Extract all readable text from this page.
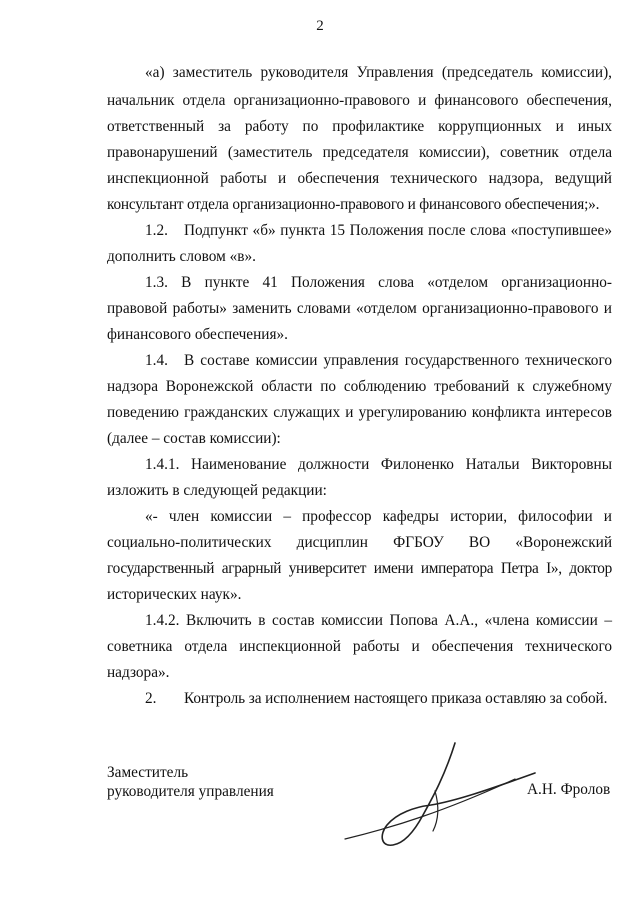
2
«а) заместитель руководителя Управления (председатель комиссии),
начальник отдела организационно-правового и финансового обеспечения,
ответственный за работу по профилактике коррупционных и иных
правонарушений (заместитель председателя комиссии), советник отдела
инспекционной работы и обеспечения технического надзора, ведущий
консультант отдела организационно-правового и финансового обеспечения;».
1.2. Подпункт «б» пункта 15 Положения после слова «поступившее»
дополнить словом «в».
1.3. В пункте 41 Положения слова «отделом организационно-
правовой работы» заменить словами «отделом организационно-правового и
финансового обеспечения».
1.4. В составе комиссии управления государственного технического
надзора Воронежской области по соблюдению требований к служебному
поведению гражданских служащих и урегулированию конфликта интересов
(далее – состав комиссии):
1.4.1. Наименование должности Филоненко Натальи Викторовны
изложить в следующей редакции:
«- член комиссии – профессор кафедры истории, философии и
социально-политических дисциплин ФГБОУ ВО «Воронежский
государственный аграрный университет имени императора Петра I», доктор
исторических наук».
1.4.2. Включить в состав комиссии Попова А.А., «члена комиссии –
советника отдела инспекционной работы и обеспечения технического
надзора».
2. Контроль за исполнением настоящего приказа оставляю за собой.
Заместитель
руководителя управления	А.Н. Фролов
